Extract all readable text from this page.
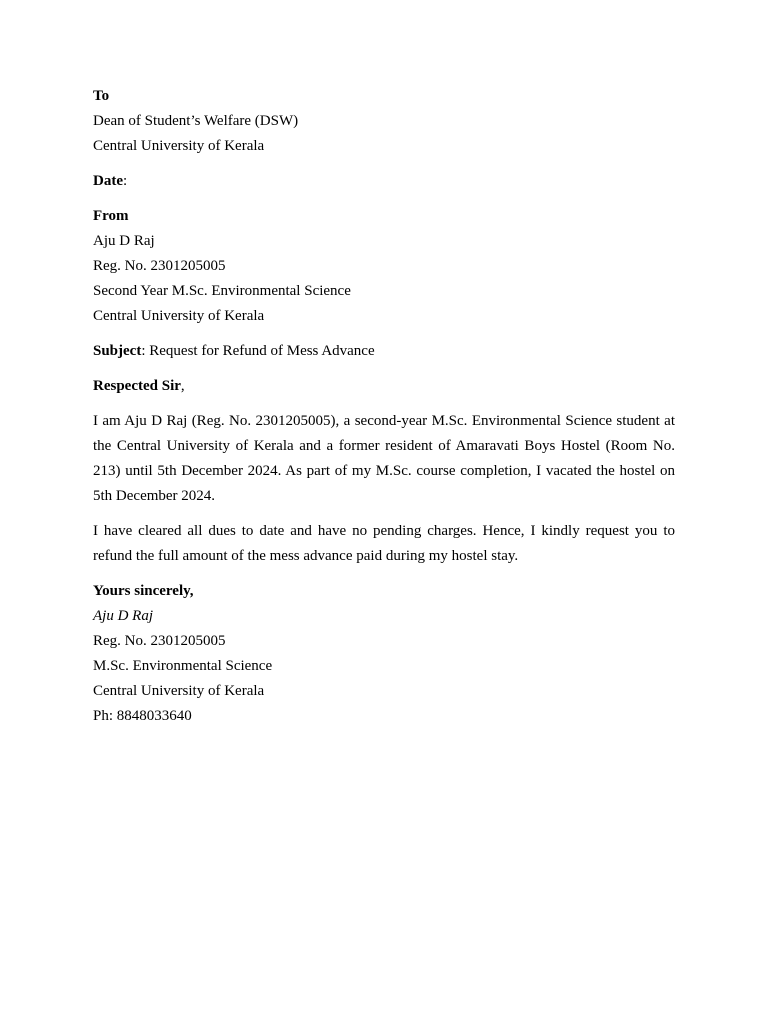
To
Dean of Student’s Welfare (DSW)
Central University of Kerala
Date:
From
Aju D Raj
Reg. No. 2301205005
Second Year M.Sc. Environmental Science
Central University of Kerala
Subject: Request for Refund of Mess Advance
Respected Sir,
I am Aju D Raj (Reg. No. 2301205005), a second-year M.Sc. Environmental Science student at the Central University of Kerala and a former resident of Amaravati Boys Hostel (Room No. 213) until 5th December 2024. As part of my M.Sc. course completion, I vacated the hostel on 5th December 2024.
I have cleared all dues to date and have no pending charges. Hence, I kindly request you to refund the full amount of the mess advance paid during my hostel stay.
Yours sincerely,
Aju D Raj
Reg. No. 2301205005
M.Sc. Environmental Science
Central University of Kerala
Ph: 8848033640
